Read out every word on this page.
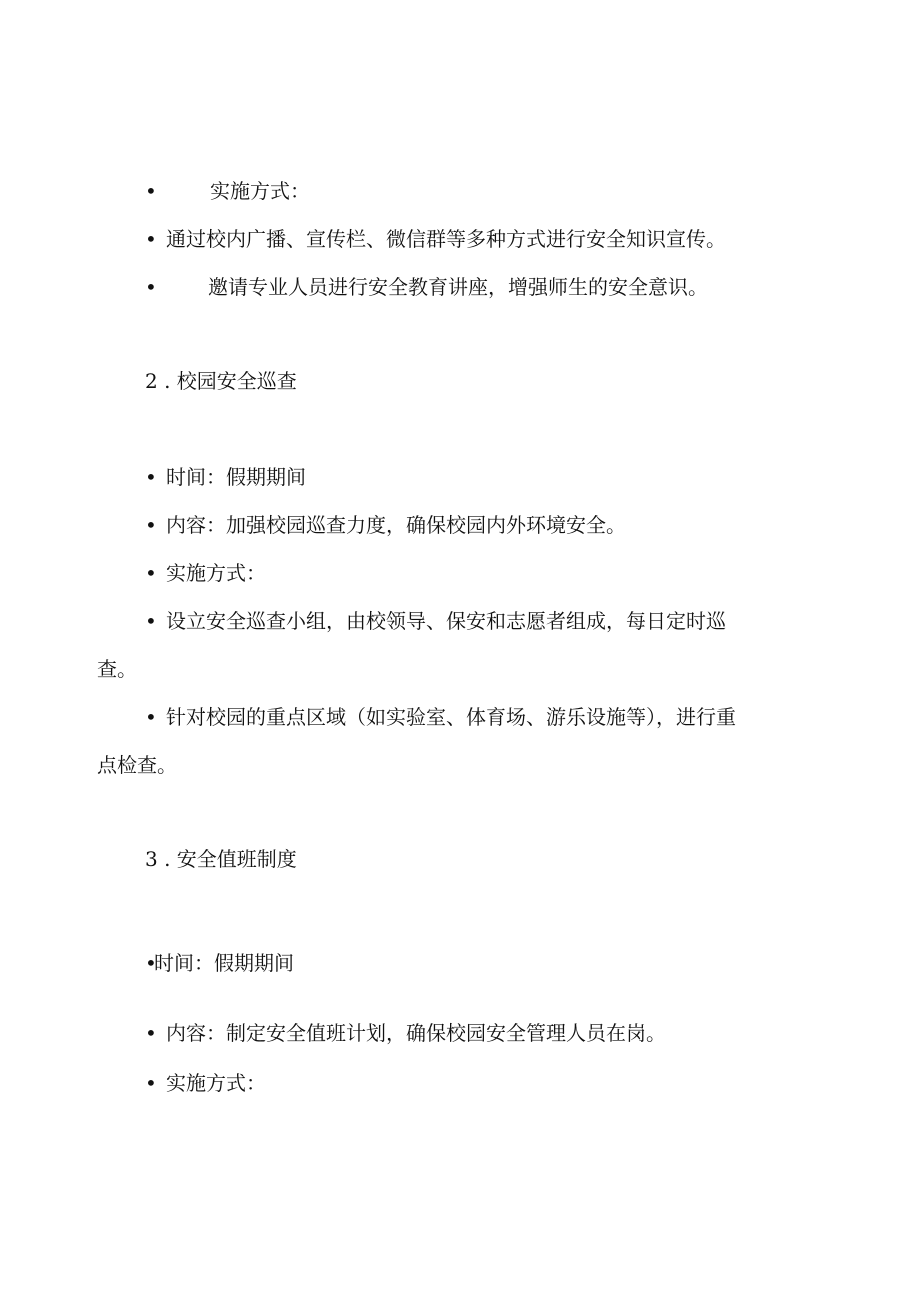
•	实施方式：
• 通过校内广播、宣传栏、微信群等多种方式进行安全知识宣传。
•	邀请专业人员进行安全教育讲座，增强师生的安全意识。
2 . 校园安全巡查
• 时间：假期期间
• 内容：加强校园巡查力度，确保校园内外环境安全。
• 实施方式：
• 设立安全巡查小组，由校领导、保安和志愿者组成，每日定时巡
查。
• 针对校园的重点区域（如实验室、体育场、游乐设施等），进行重
点检查。
3 . 安全值班制度
•
时间：假期期间
• 内容：制定安全值班计划，确保校园安全管理人员在岗。
• 实施方式：
